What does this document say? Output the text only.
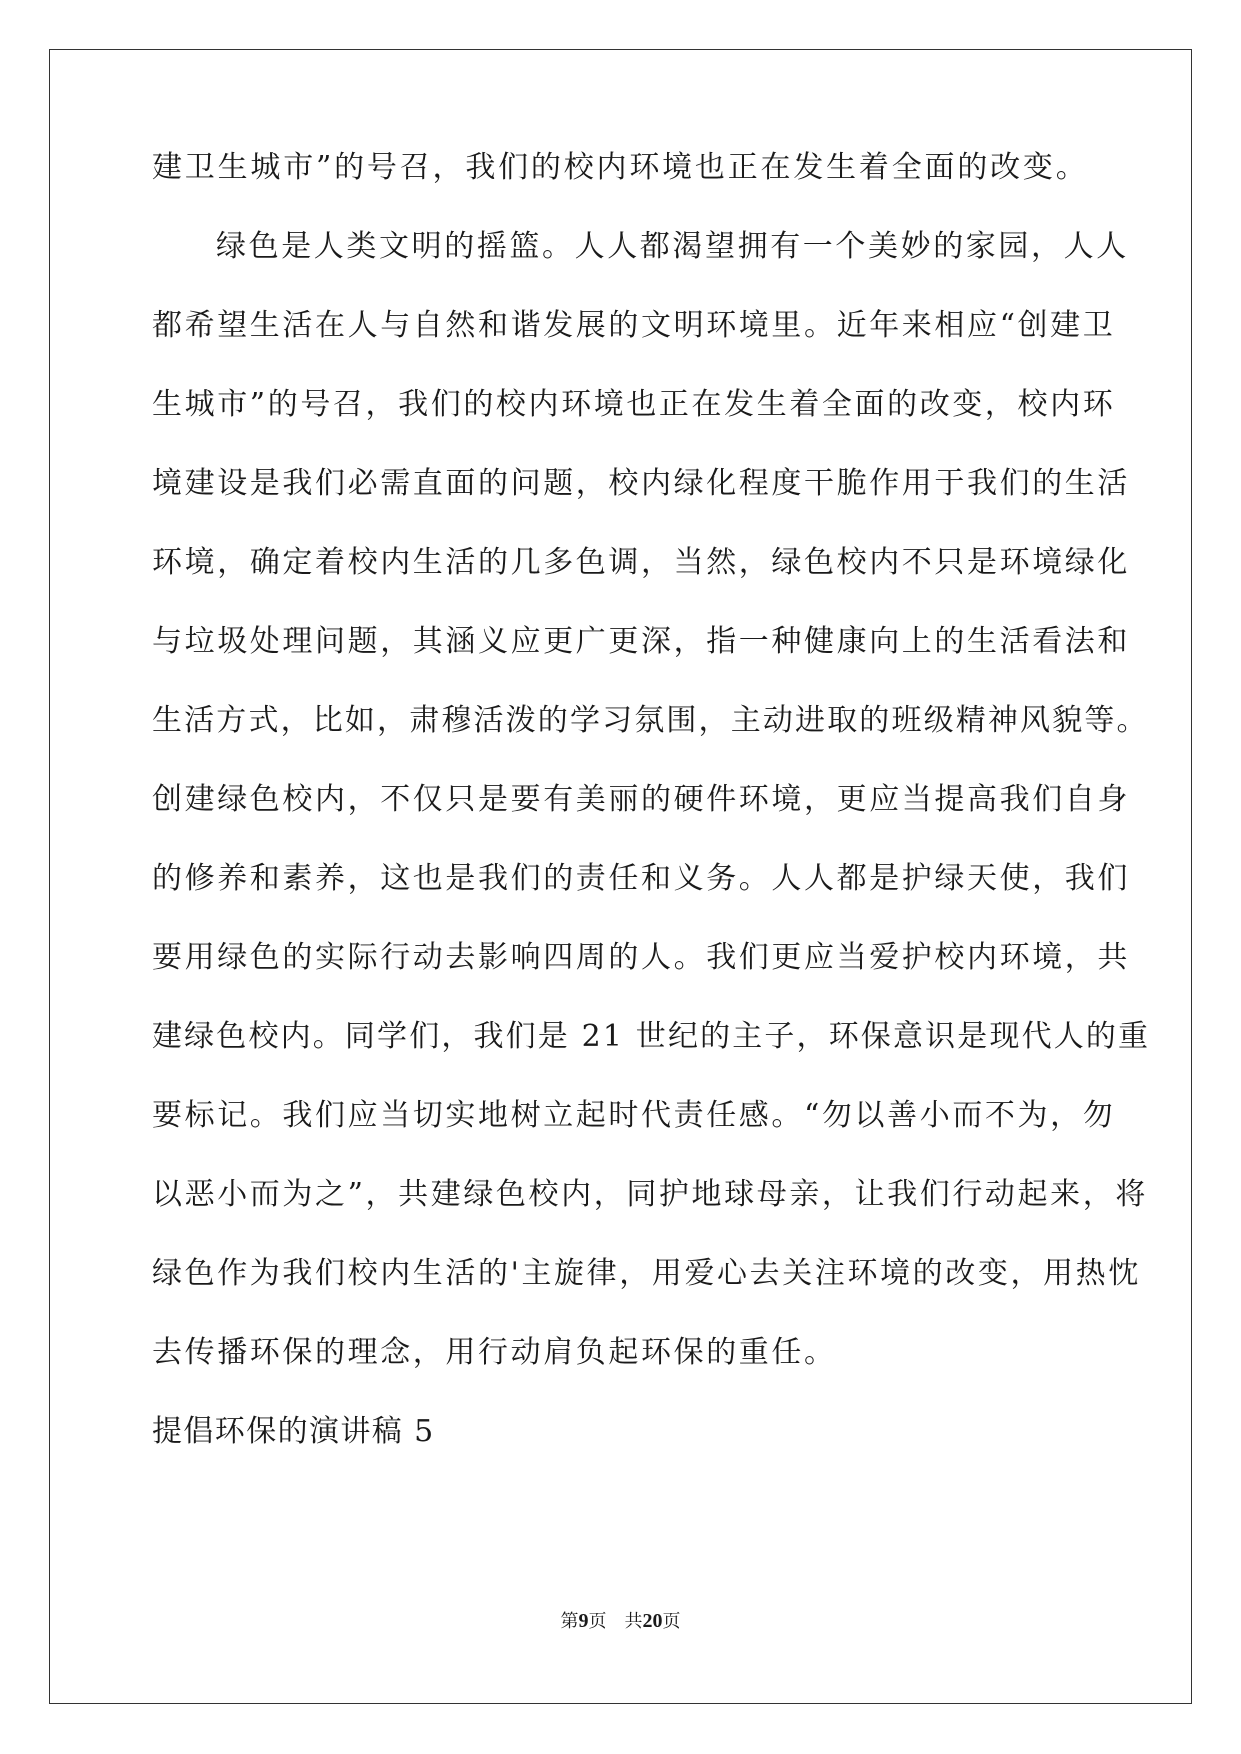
建卫生城市”的号召，我们的校内环境也正在发生着全面的改变。
绿色是人类文明的摇篮。人人都渴望拥有一个美妙的家园，人人
都希望生活在人与自然和谐发展的文明环境里。近年来相应“创建卫
生城市”的号召，我们的校内环境也正在发生着全面的改变，校内环
境建设是我们必需直面的问题，校内绿化程度干脆作用于我们的生活
环境，确定着校内生活的几多色调，当然，绿色校内不只是环境绿化
与垃圾处理问题，其涵义应更广更深，指一种健康向上的生活看法和
生活方式，比如，肃穆活泼的学习氛围，主动进取的班级精神风貌等。
创建绿色校内，不仅只是要有美丽的硬件环境，更应当提高我们自身
的修养和素养，这也是我们的责任和义务。人人都是护绿天使，我们
要用绿色的实际行动去影响四周的人。我们更应当爱护校内环境，共
建绿色校内。同学们，我们是 21 世纪的主子，环保意识是现代人的重
要标记。我们应当切实地树立起时代责任感。“勿以善小而不为，勿
以恶小而为之”，共建绿色校内，同护地球母亲，让我们行动起来，将
绿色作为我们校内生活的'主旋律，用爱心去关注环境的改变，用热忱
去传播环保的理念，用行动肩负起环保的重任。
提倡环保的演讲稿 5
第9页 共20页
